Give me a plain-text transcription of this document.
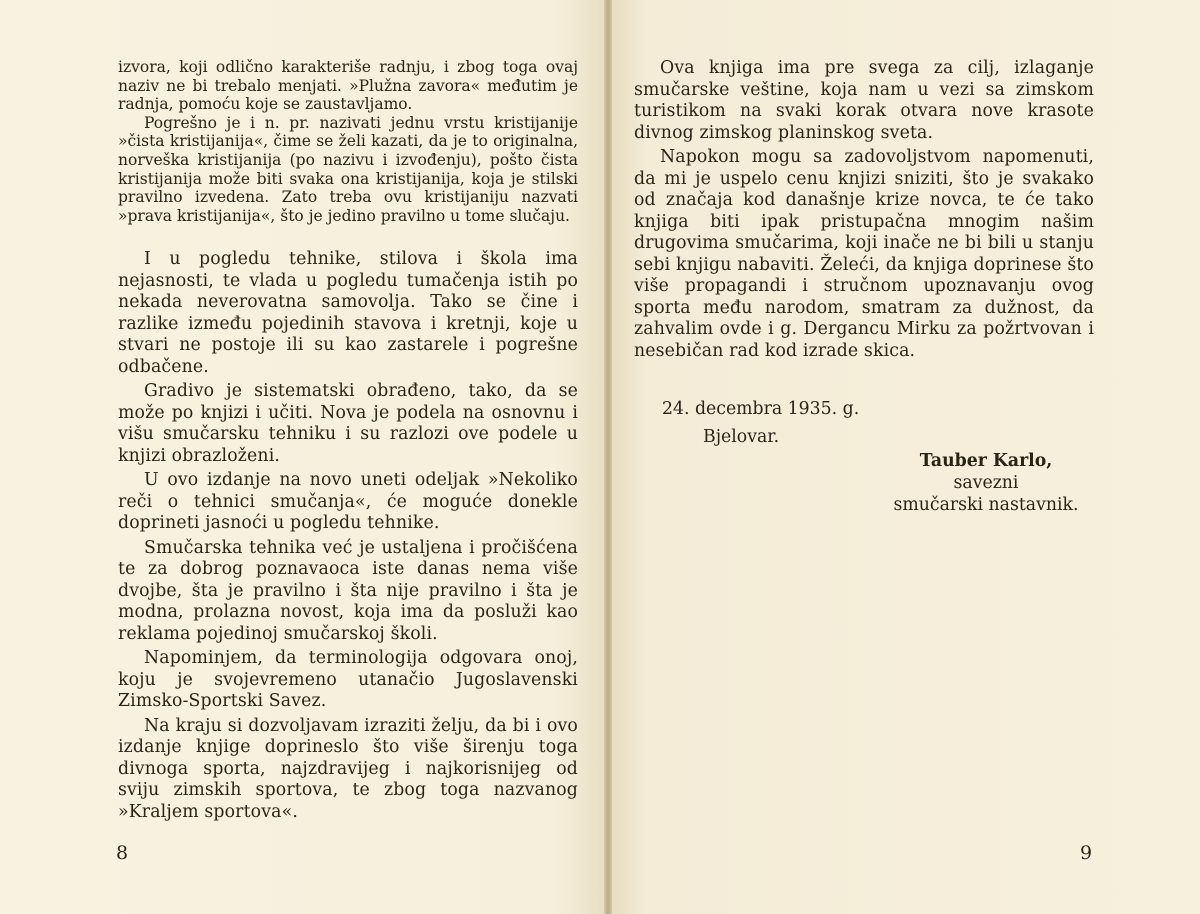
izvora, koji odlično karakteriše radnju, i zbog toga ovaj naziv ne bi trebalo menjati. »Plužna zavora« međutim je radnja, pomoću koje se zaustavljamo.

Pogrešno je i n. pr. nazivati jednu vrstu kristijanije »čista kristijanija«, čime se želi kazati, da je to originalna, norveška kristijanija (po nazivu i izvođenju), pošto čista kristijanija može biti svaka ona kristijanija, koja je stilski pravilno izvedena. Zato treba ovu kristijaniju nazvati »prava kristijanija«, što je jedino pravilno u tome slučaju.

I u pogledu tehnike, stilova i škola ima nejasnosti, te vlada u pogledu tumačenja istih po nekada neverovatna samovolja. Tako se čine i razlike između pojedinih stavova i kretnji, koje u stvari ne postoje ili su kao zastarele i pogrešne odbačene.

Gradivo je sistematski obrađeno, tako, da se može po knjizi i učiti. Nova je podela na osnovnu i višu smučarsku tehniku i su razlozi ove podele u knjizi obrazloženi.

U ovo izdanje na novo uneti odeljak »Nekoliko reči o tehnici smučanja«, će moguće donekle doprineti jasnoći u pogledu tehnike.

Smučarska tehnika već je ustaljena i pročišćena te za dobrog poznavaoca iste danas nema više dvojbe, šta je pravilno i šta nije pravilno i šta je modna, prolazna novost, koja ima da posluži kao reklama pojedinoj smučarskoj školi.

Napominjem, da terminologija odgovara onoj, koju je svojevremeno utanačio Jugoslavenski Zimsko-Sportski Savez.

Na kraju si dozvoljavam izraziti želju, da bi i ovo izdanje knjige doprineslo što više širenju toga divnoga sporta, najzdravijeg i najkorisnijeg od sviju zimskih sportova, te zbog toga nazvanog »Kraljem sportova«.

8

Ova knjiga ima pre svega za cilj, izlaganje smučarske veštine, koja nam u vezi sa zimskom turistikom na svaki korak otvara nove krasote divnog zimskog planinskog sveta.

Napokon mogu sa zadovoljstvom napomenuti, da mi je uspelo cenu knjizi sniziti, što je svakako od značaja kod današnje krize novca, te će tako knjiga biti ipak pristupačna mnogim našim drugovima smučarima, koji inače ne bi bili u stanju sebi knjigu nabaviti. Želeći, da knjiga doprinese što više propagandi i stručnom upoznavanju ovog sporta među narodom, smatram za dužnost, da zahvalim ovde i g. Dergancu Mirku za požrtvovan i nesebičan rad kod izrade skica.

24. decembra 1935. g.
Bjelovar.
Tauber Karlo,
savezni
smučarski nastavnik.
9
